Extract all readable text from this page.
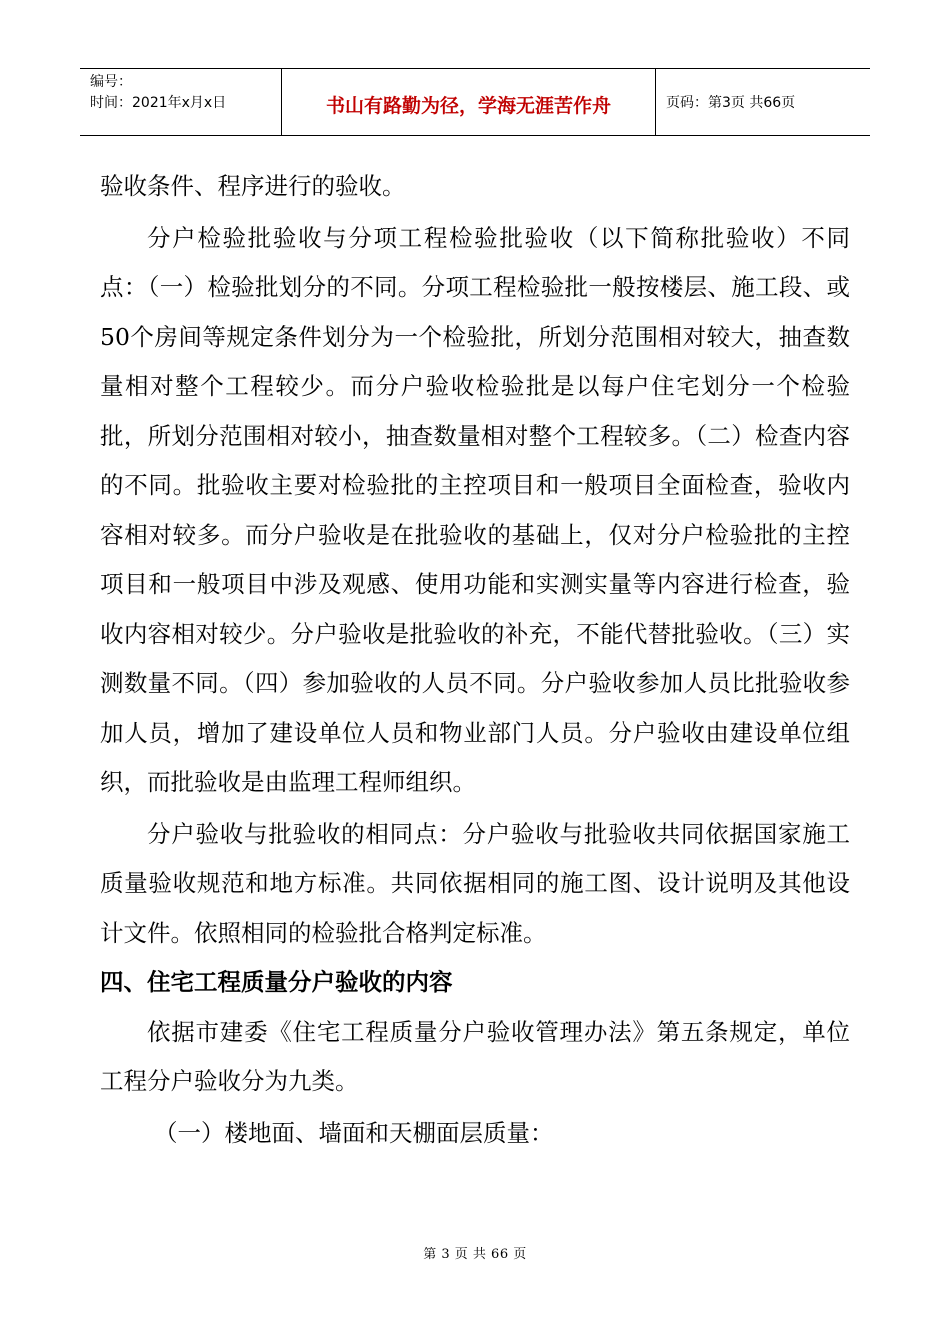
编号：
时间：2021年x月x日	书山有路勤为径，学海无涯苦作舟	页码：第3页 共66页

验收条件、程序进行的验收。

分户检验批验收与分项工程检验批验收（以下简称批验收）不同点：（一）检验批划分的不同。分项工程检验批一般按楼层、施工段、或50个房间等规定条件划分为一个检验批，所划分范围相对较大，抽查数量相对整个工程较少。而分户验收检验批是以每户住宅划分一个检验批，所划分范围相对较小，抽查数量相对整个工程较多。（二）检查内容的不同。批验收主要对检验批的主控项目和一般项目全面检查，验收内容相对较多。而分户验收是在批验收的基础上，仅对分户检验批的主控项目和一般项目中涉及观感、使用功能和实测实量等内容进行检查，验收内容相对较少。分户验收是批验收的补充，不能代替批验收。（三）实测数量不同。（四）参加验收的人员不同。分户验收参加人员比批验收参加人员，增加了建设单位人员和物业部门人员。分户验收由建设单位组织，而批验收是由监理工程师组织。

分户验收与批验收的相同点：分户验收与批验收共同依据国家施工质量验收规范和地方标准。共同依据相同的施工图、设计说明及其他设计文件。依照相同的检验批合格判定标准。

四、住宅工程质量分户验收的内容

依据市建委《住宅工程质量分户验收管理办法》第五条规定，单位工程分户验收分为九类。

（一）楼地面、墙面和天棚面层质量：

第 3 页 共 66 页
